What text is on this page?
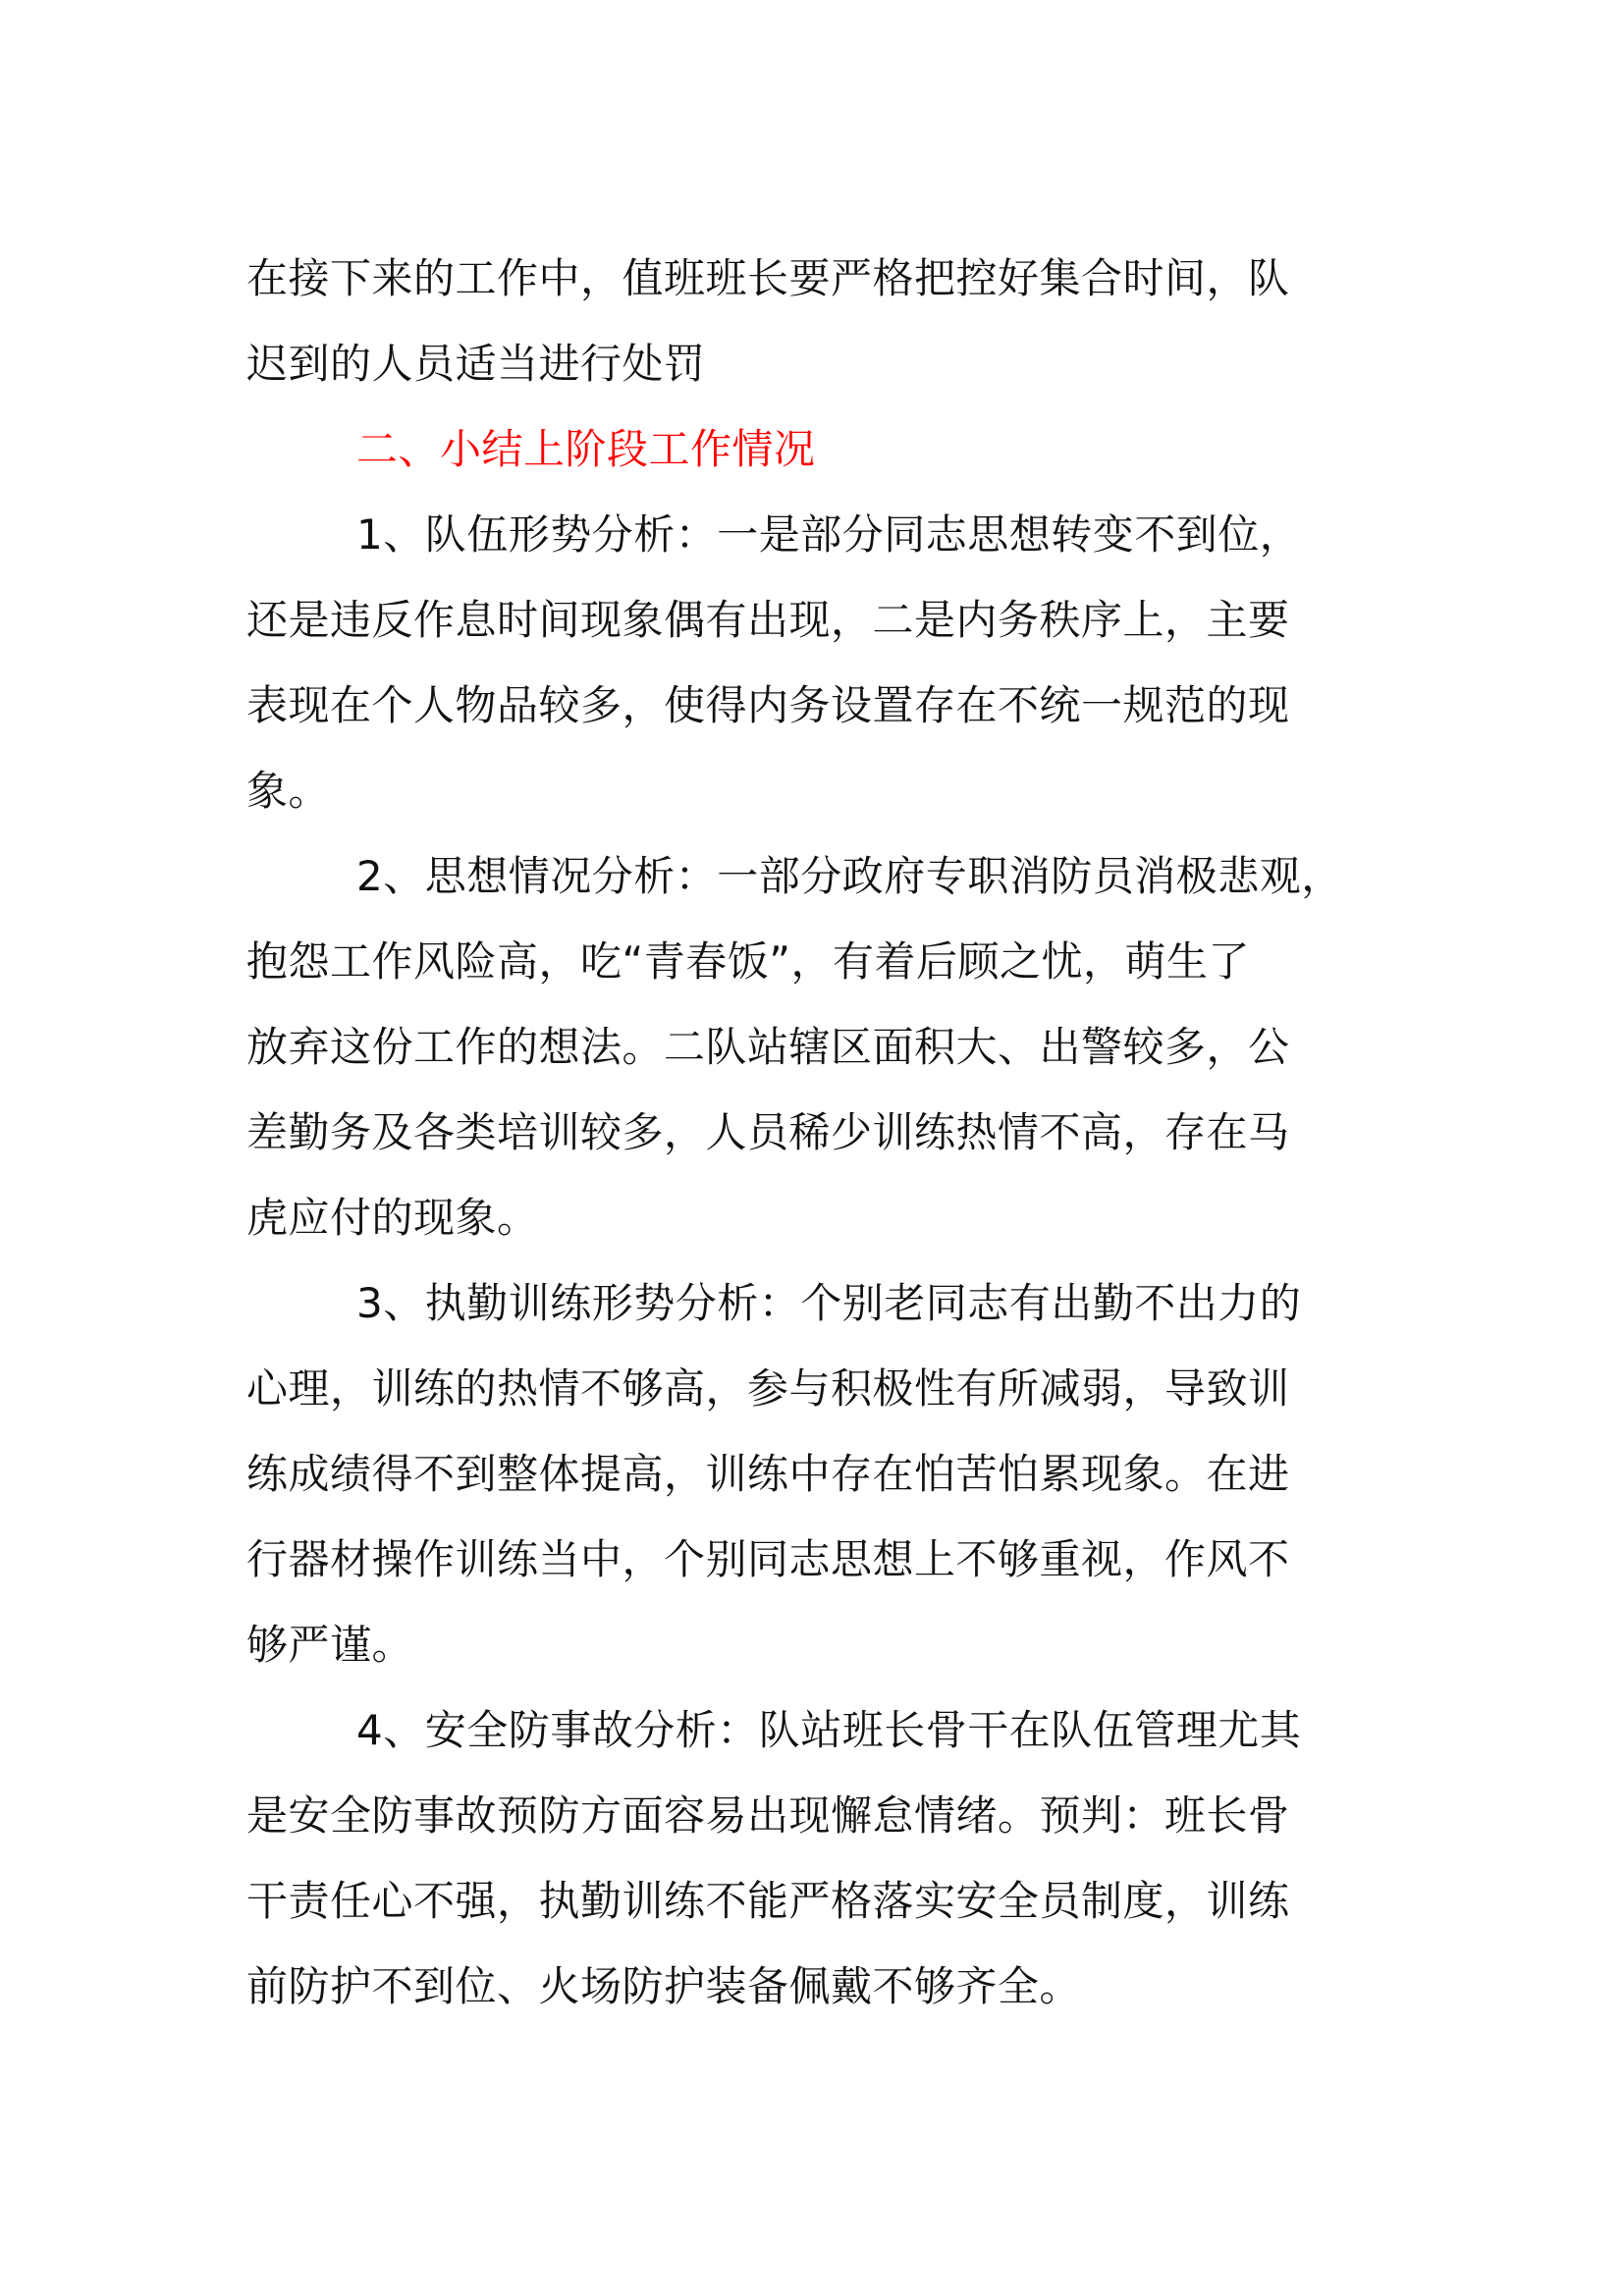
在接下来的工作中，值班班长要严格把控好集合时间，队
迟到的人员适当进行处罚
二、小结上阶段工作情况
1、队伍形势分析：一是部分同志思想转变不到位，
还是违反作息时间现象偶有出现，二是内务秩序上，主要
表现在个人物品较多，使得内务设置存在不统一规范的现
象。
2、思想情况分析：一部分政府专职消防员消极悲观，
抱怨工作风险高，吃“青春饭”，有着后顾之忧，萌生了
放弃这份工作的想法。二队站辖区面积大、出警较多，公
差勤务及各类培训较多，人员稀少训练热情不高，存在马
虎应付的现象。
3、执勤训练形势分析：个别老同志有出勤不出力的
心理，训练的热情不够高，参与积极性有所减弱，导致训
练成绩得不到整体提高，训练中存在怕苦怕累现象。在进
行器材操作训练当中，个别同志思想上不够重视，作风不
够严谨。
4、安全防事故分析：队站班长骨干在队伍管理尤其
是安全防事故预防方面容易出现懈怠情绪。预判：班长骨
干责任心不强，执勤训练不能严格落实安全员制度，训练
前防护不到位、火场防护装备佩戴不够齐全。
